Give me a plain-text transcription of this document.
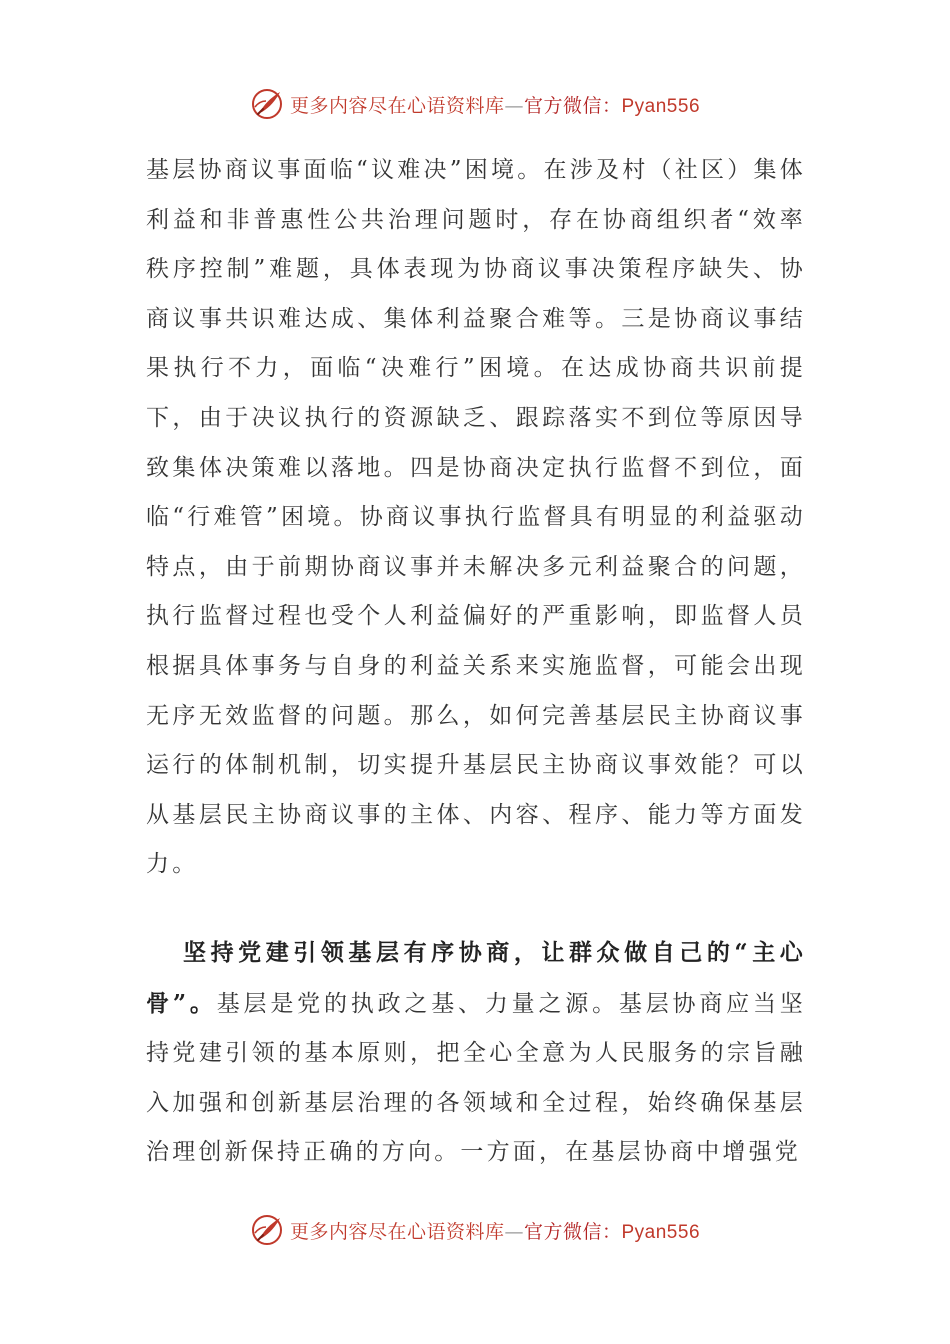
更多内容尽在心语资料库—官方微信：Pyan556

基层协商议事面临“议难决”困境。在涉及村（社区）集体利益和非普惠性公共治理问题时，存在协商组织者“效率秩序控制”难题，具体表现为协商议事决策程序缺失、协商议事共识难达成、集体利益聚合难等。三是协商议事结果执行不力，面临“决难行”困境。在达成协商共识前提下，由于决议执行的资源缺乏、跟踪落实不到位等原因导致集体决策难以落地。四是协商决定执行监督不到位，面临“行难管”困境。协商议事执行监督具有明显的利益驱动特点，由于前期协商议事并未解决多元利益聚合的问题，执行监督过程也受个人利益偏好的严重影响，即监督人员根据具体事务与自身的利益关系来实施监督，可能会出现无序无效监督的问题。那么，如何完善基层民主协商议事运行的体制机制，切实提升基层民主协商议事效能？可以从基层民主协商议事的主体、内容、程序、能力等方面发力。

坚持党建引领基层有序协商，让群众做自己的“主心骨”。基层是党的执政之基、力量之源。基层协商应当坚持党建引领的基本原则，把全心全意为人民服务的宗旨融入加强和创新基层治理的各领域和全过程，始终确保基层治理创新保持正确的方向。一方面，在基层协商中增强党

更多内容尽在心语资料库—官方微信：Pyan556
